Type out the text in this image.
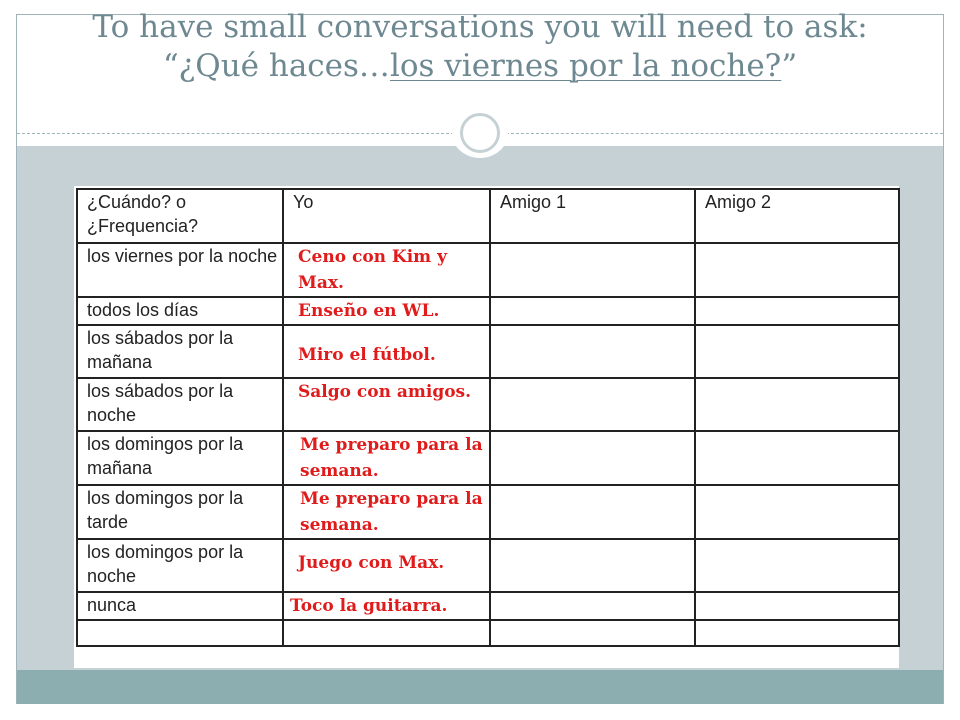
To have small conversations you will need to ask:
“¿Qué haces…los viernes por la noche?”
¿Cuándo? o ¿Frequencia?	Yo	Amigo 1	Amigo 2
los viernes por la noche	Ceno con Kim y Max.		
todos los días	Enseño en WL.		
los sábados por la mañana	Miro el fútbol.		
los sábados por la noche	Salgo con amigos.		
los domingos por la mañana	Me preparo para la semana.		
los domingos por la tarde	Me preparo para la semana.		
los domingos por la noche	Juego con Max.		
nunca	Toco la guitarra.		
